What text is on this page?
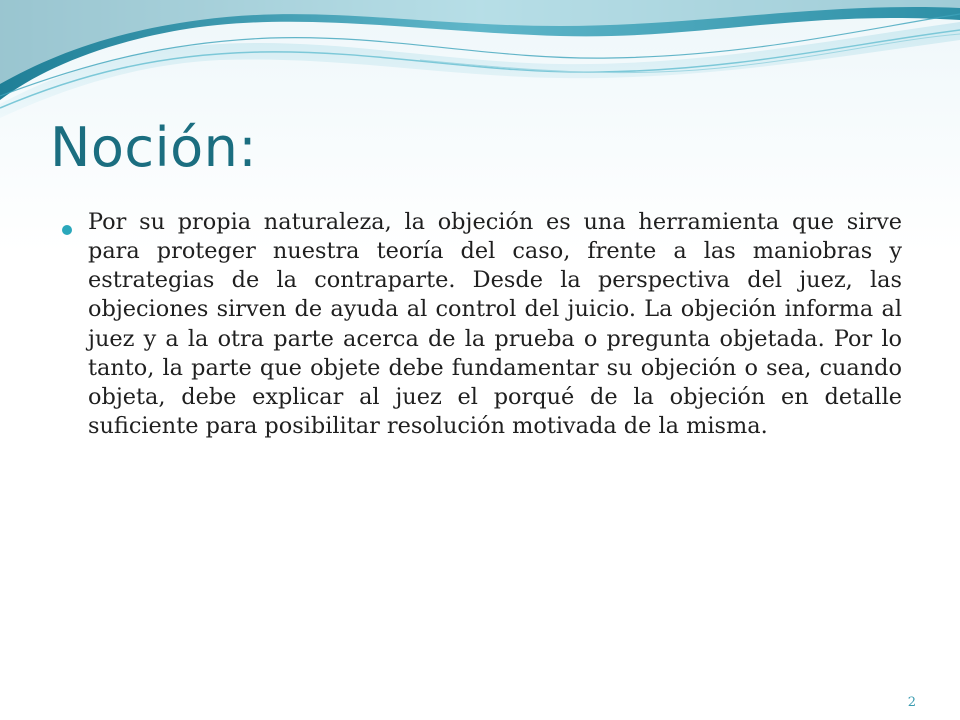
Noción:

Por su propia naturaleza, la objeción es una herramienta que sirve para proteger nuestra teoría del caso, frente a las maniobras y estrategias de la contraparte. Desde la perspectiva del juez, las objeciones sirven de ayuda al control del juicio. La objeción informa al juez y a la otra parte acerca de la prueba o pregunta objetada. Por lo tanto, la parte que objete debe fundamentar su objeción o sea, cuando objeta, debe explicar al juez el porqué de la objeción en detalle suficiente para posibilitar resolución motivada de la misma.

2
